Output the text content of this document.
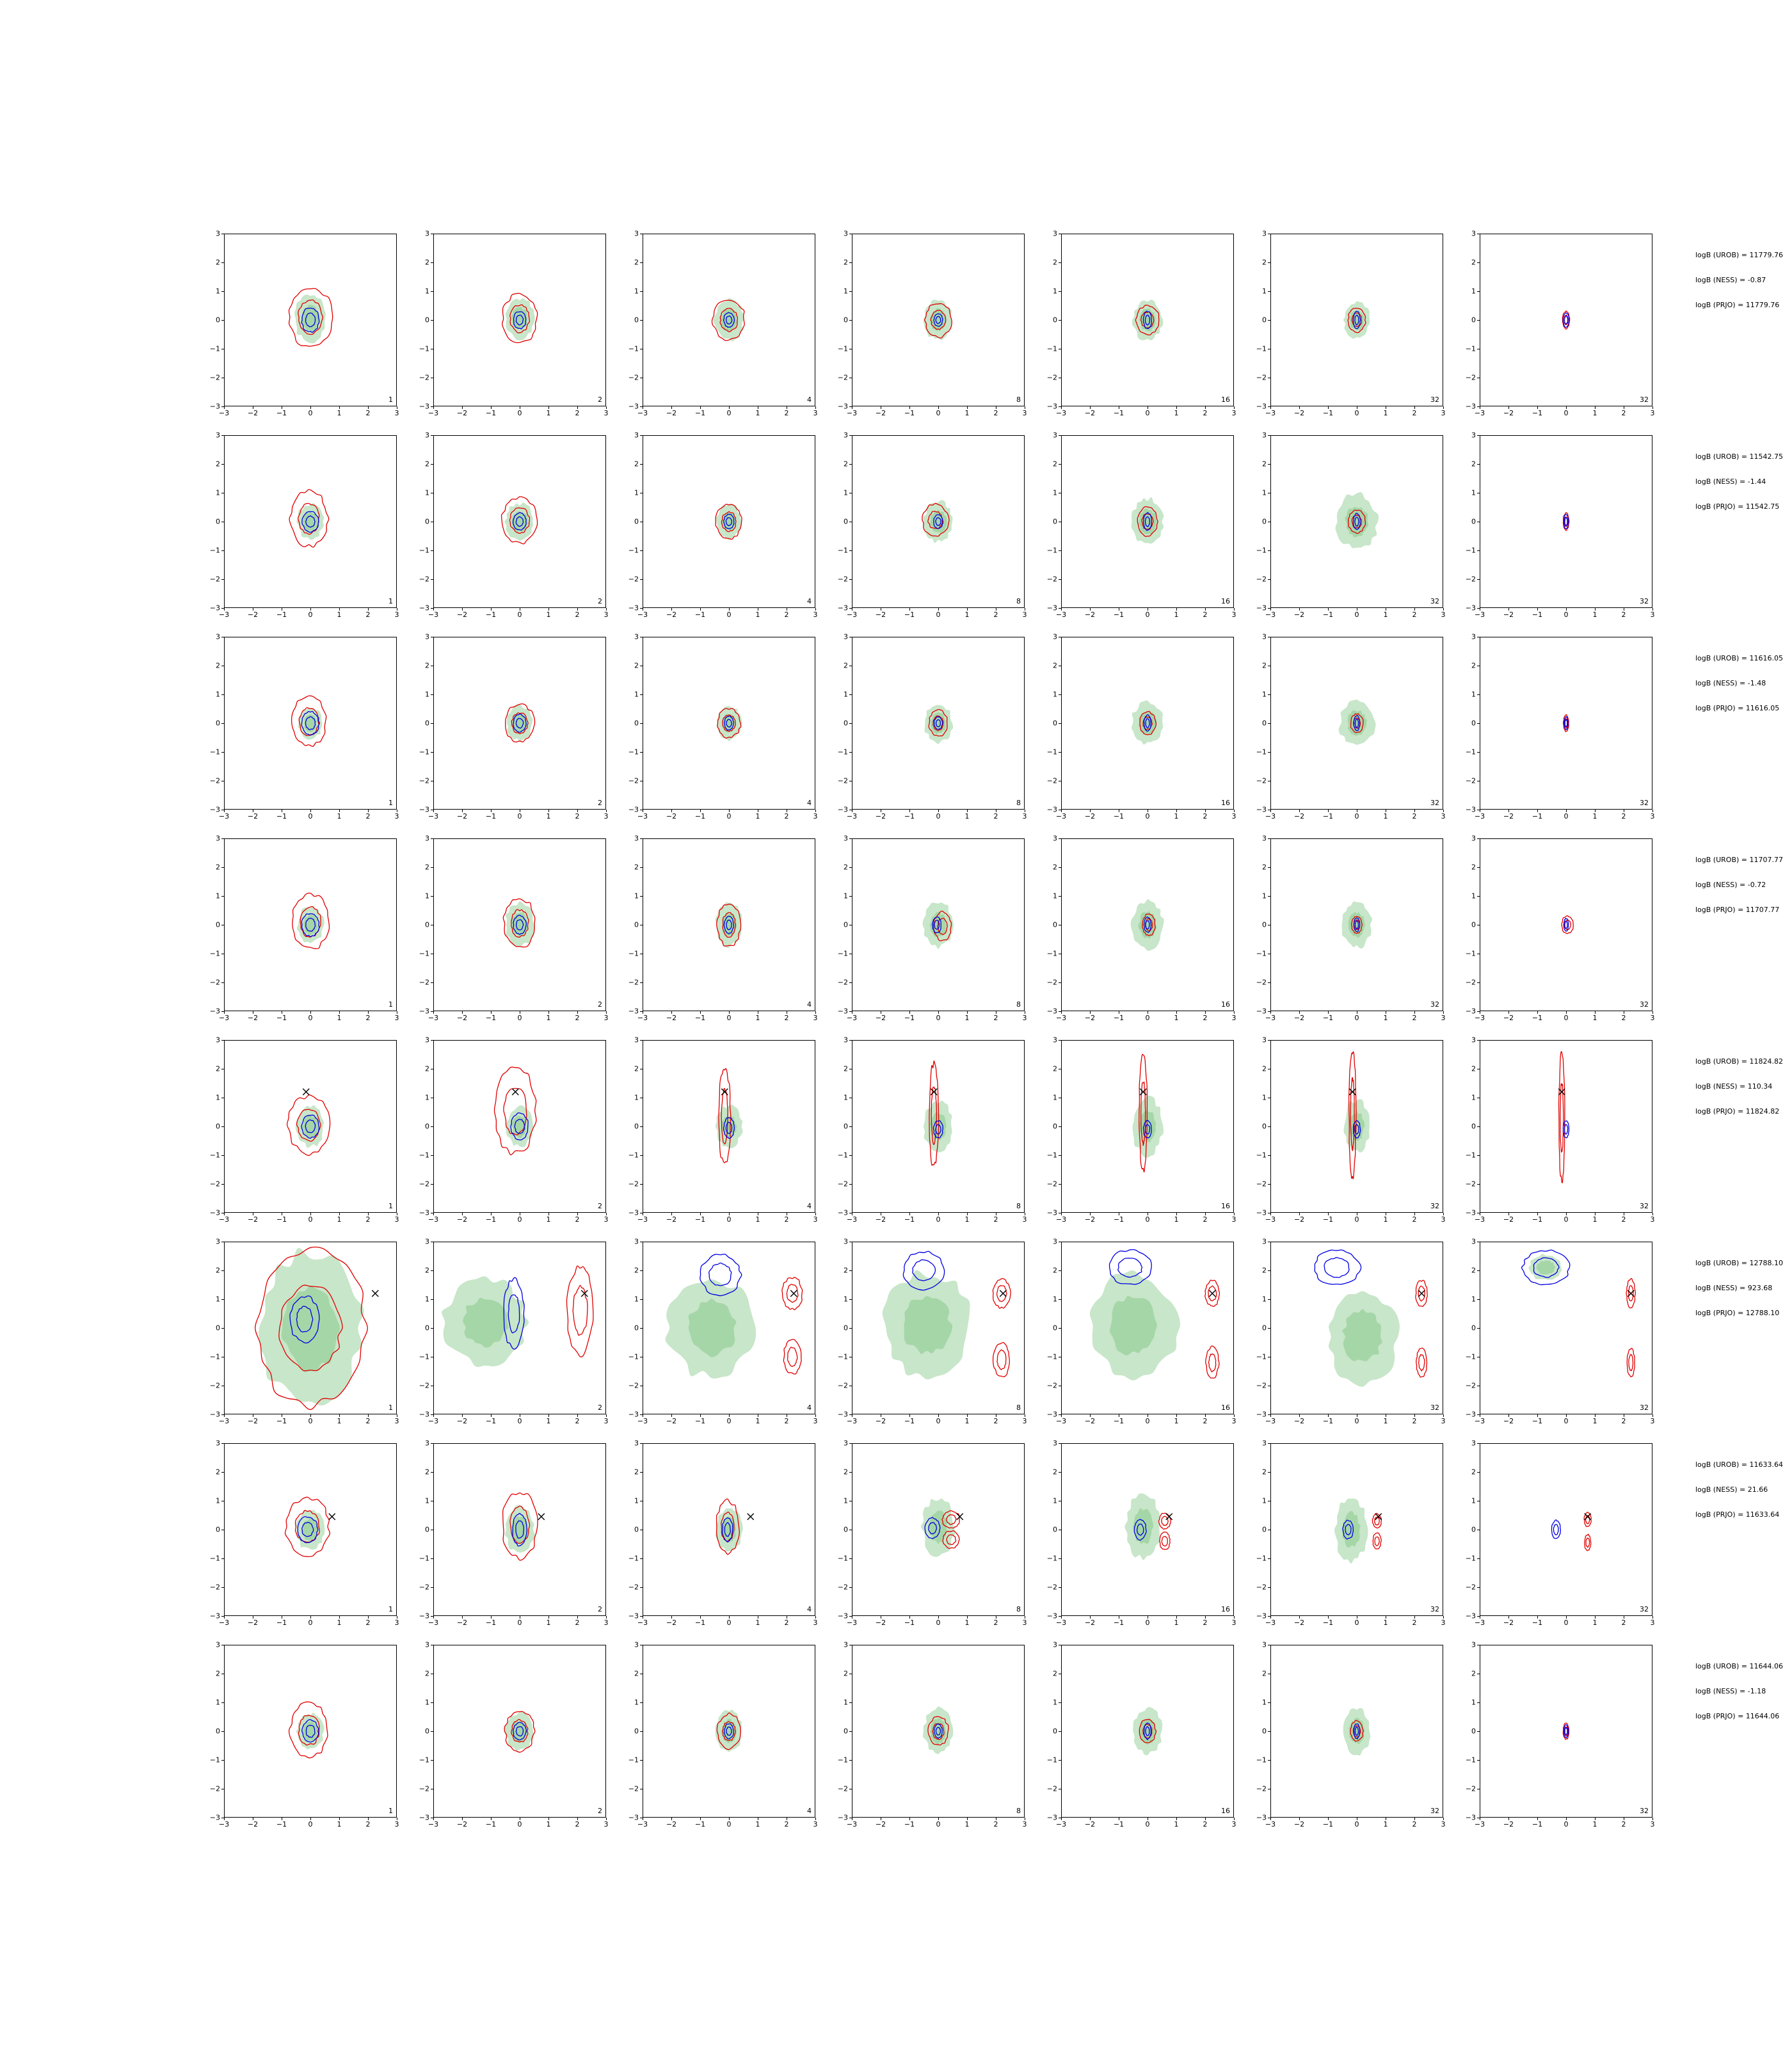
−3	−2	−1	0	1	2	3
−3
−2
−1
0
1
2
3
1
−3	−2	−1	0	1	2	3
−3
−2
−1
0
1
2
3
2
−3	−2	−1	0	1	2	3
−3
−2
−1
0
1
2
3
4
−3	−2	−1	0	1	2	3
−3
−2
−1
0
1
2
3
8
−3	−2	−1	0	1	2	3
−3
−2
−1
0
1
2
3
16
−3	−2	−1	0	1	2	3
−3
−2
−1
0
1
2
3
32
−3	−2	−1	0	1	2	3
−3
−2
−1
0
1
2
3
32
logB (UROB) = 11779.76
logB (NESS) = -0.87
logB (PRJO) = 11779.76
−3	−2	−1	0	1	2	3
−3
−2
−1
0
1
2
3
1
−3	−2	−1	0	1	2	3
−3
−2
−1
0
1
2
3
2
−3	−2	−1	0	1	2	3
−3
−2
−1
0
1
2
3
4
−3	−2	−1	0	1	2	3
−3
−2
−1
0
1
2
3
8
−3	−2	−1	0	1	2	3
−3
−2
−1
0
1
2
3
16
−3	−2	−1	0	1	2	3
−3
−2
−1
0
1
2
3
32
−3	−2	−1	0	1	2	3
−3
−2
−1
0
1
2
3
32
logB (UROB) = 11542.75
logB (NESS) = -1.44
logB (PRJO) = 11542.75
−3	−2	−1	0	1	2	3
−3
−2
−1
0
1
2
3
1
−3	−2	−1	0	1	2	3
−3
−2
−1
0
1
2
3
2
−3	−2	−1	0	1	2	3
−3
−2
−1
0
1
2
3
4
−3	−2	−1	0	1	2	3
−3
−2
−1
0
1
2
3
8
−3	−2	−1	0	1	2	3
−3
−2
−1
0
1
2
3
16
−3	−2	−1	0	1	2	3
−3
−2
−1
0
1
2
3
32
−3	−2	−1	0	1	2	3
−3
−2
−1
0
1
2
3
32
logB (UROB) = 11616.05
logB (NESS) = -1.48
logB (PRJO) = 11616.05
−3	−2	−1	0	1	2	3
−3
−2
−1
0
1
2
3
1
−3	−2	−1	0	1	2	3
−3
−2
−1
0
1
2
3
2
−3	−2	−1	0	1	2	3
−3
−2
−1
0
1
2
3
4
−3	−2	−1	0	1	2	3
−3
−2
−1
0
1
2
3
8
−3	−2	−1	0	1	2	3
−3
−2
−1
0
1
2
3
16
−3	−2	−1	0	1	2	3
−3
−2
−1
0
1
2
3
32
−3	−2	−1	0	1	2	3
−3
−2
−1
0
1
2
3
32
logB (UROB) = 11707.77
logB (NESS) = -0.72
logB (PRJO) = 11707.77
−3	−2	−1	0	1	2	3
−3
−2
−1
0
1
2
3
1
−3	−2	−1	0	1	2	3
−3
−2
−1
0
1
2
3
2
−3	−2	−1	0	1	2	3
−3
−2
−1
0
1
2
3
4
−3	−2	−1	0	1	2	3
−3
−2
−1
0
1
2
3
8
−3	−2	−1	0	1	2	3
−3
−2
−1
0
1
2
3
16
−3	−2	−1	0	1	2	3
−3
−2
−1
0
1
2
3
32
−3	−2	−1	0	1	2	3
−3
−2
−1
0
1
2
3
32
logB (UROB) = 11824.82
logB (NESS) = 110.34
logB (PRJO) = 11824.82
−3	−2	−1	0	1	2	3
−3
−2
−1
0
1
2
3
1
−3	−2	−1	0	1	2	3
−3
−2
−1
0
1
2
3
2
−3	−2	−1	0	1	2	3
−3
−2
−1
0
1
2
3
4
−3	−2	−1	0	1	2	3
−3
−2
−1
0
1
2
3
8
−3	−2	−1	0	1	2	3
−3
−2
−1
0
1
2
3
16
−3	−2	−1	0	1	2	3
−3
−2
−1
0
1
2
3
32
−3	−2	−1	0	1	2	3
−3
−2
−1
0
1
2
3
32
logB (UROB) = 12788.10
logB (NESS) = 923.68
logB (PRJO) = 12788.10
−3	−2	−1	0	1	2	3
−3
−2
−1
0
1
2
3
1
−3	−2	−1	0	1	2	3
−3
−2
−1
0
1
2
3
2
−3	−2	−1	0	1	2	3
−3
−2
−1
0
1
2
3
4
−3	−2	−1	0	1	2	3
−3
−2
−1
0
1
2
3
8
−3	−2	−1	0	1	2	3
−3
−2
−1
0
1
2
3
16
−3	−2	−1	0	1	2	3
−3
−2
−1
0
1
2
3
32
−3	−2	−1	0	1	2	3
−3
−2
−1
0
1
2
3
32
logB (UROB) = 11633.64
logB (NESS) = 21.66
logB (PRJO) = 11633.64
−3	−2	−1	0	1	2	3
−3
−2
−1
0
1
2
3
1
−3	−2	−1	0	1	2	3
−3
−2
−1
0
1
2
3
2
−3	−2	−1	0	1	2	3
−3
−2
−1
0
1
2
3
4
−3	−2	−1	0	1	2	3
−3
−2
−1
0
1
2
3
8
−3	−2	−1	0	1	2	3
−3
−2
−1
0
1
2
3
16
−3	−2	−1	0	1	2	3
−3
−2
−1
0
1
2
3
32
−3	−2	−1	0	1	2	3
−3
−2
−1
0
1
2
3
32
logB (UROB) = 11644.06
logB (NESS) = -1.18
logB (PRJO) = 11644.06
